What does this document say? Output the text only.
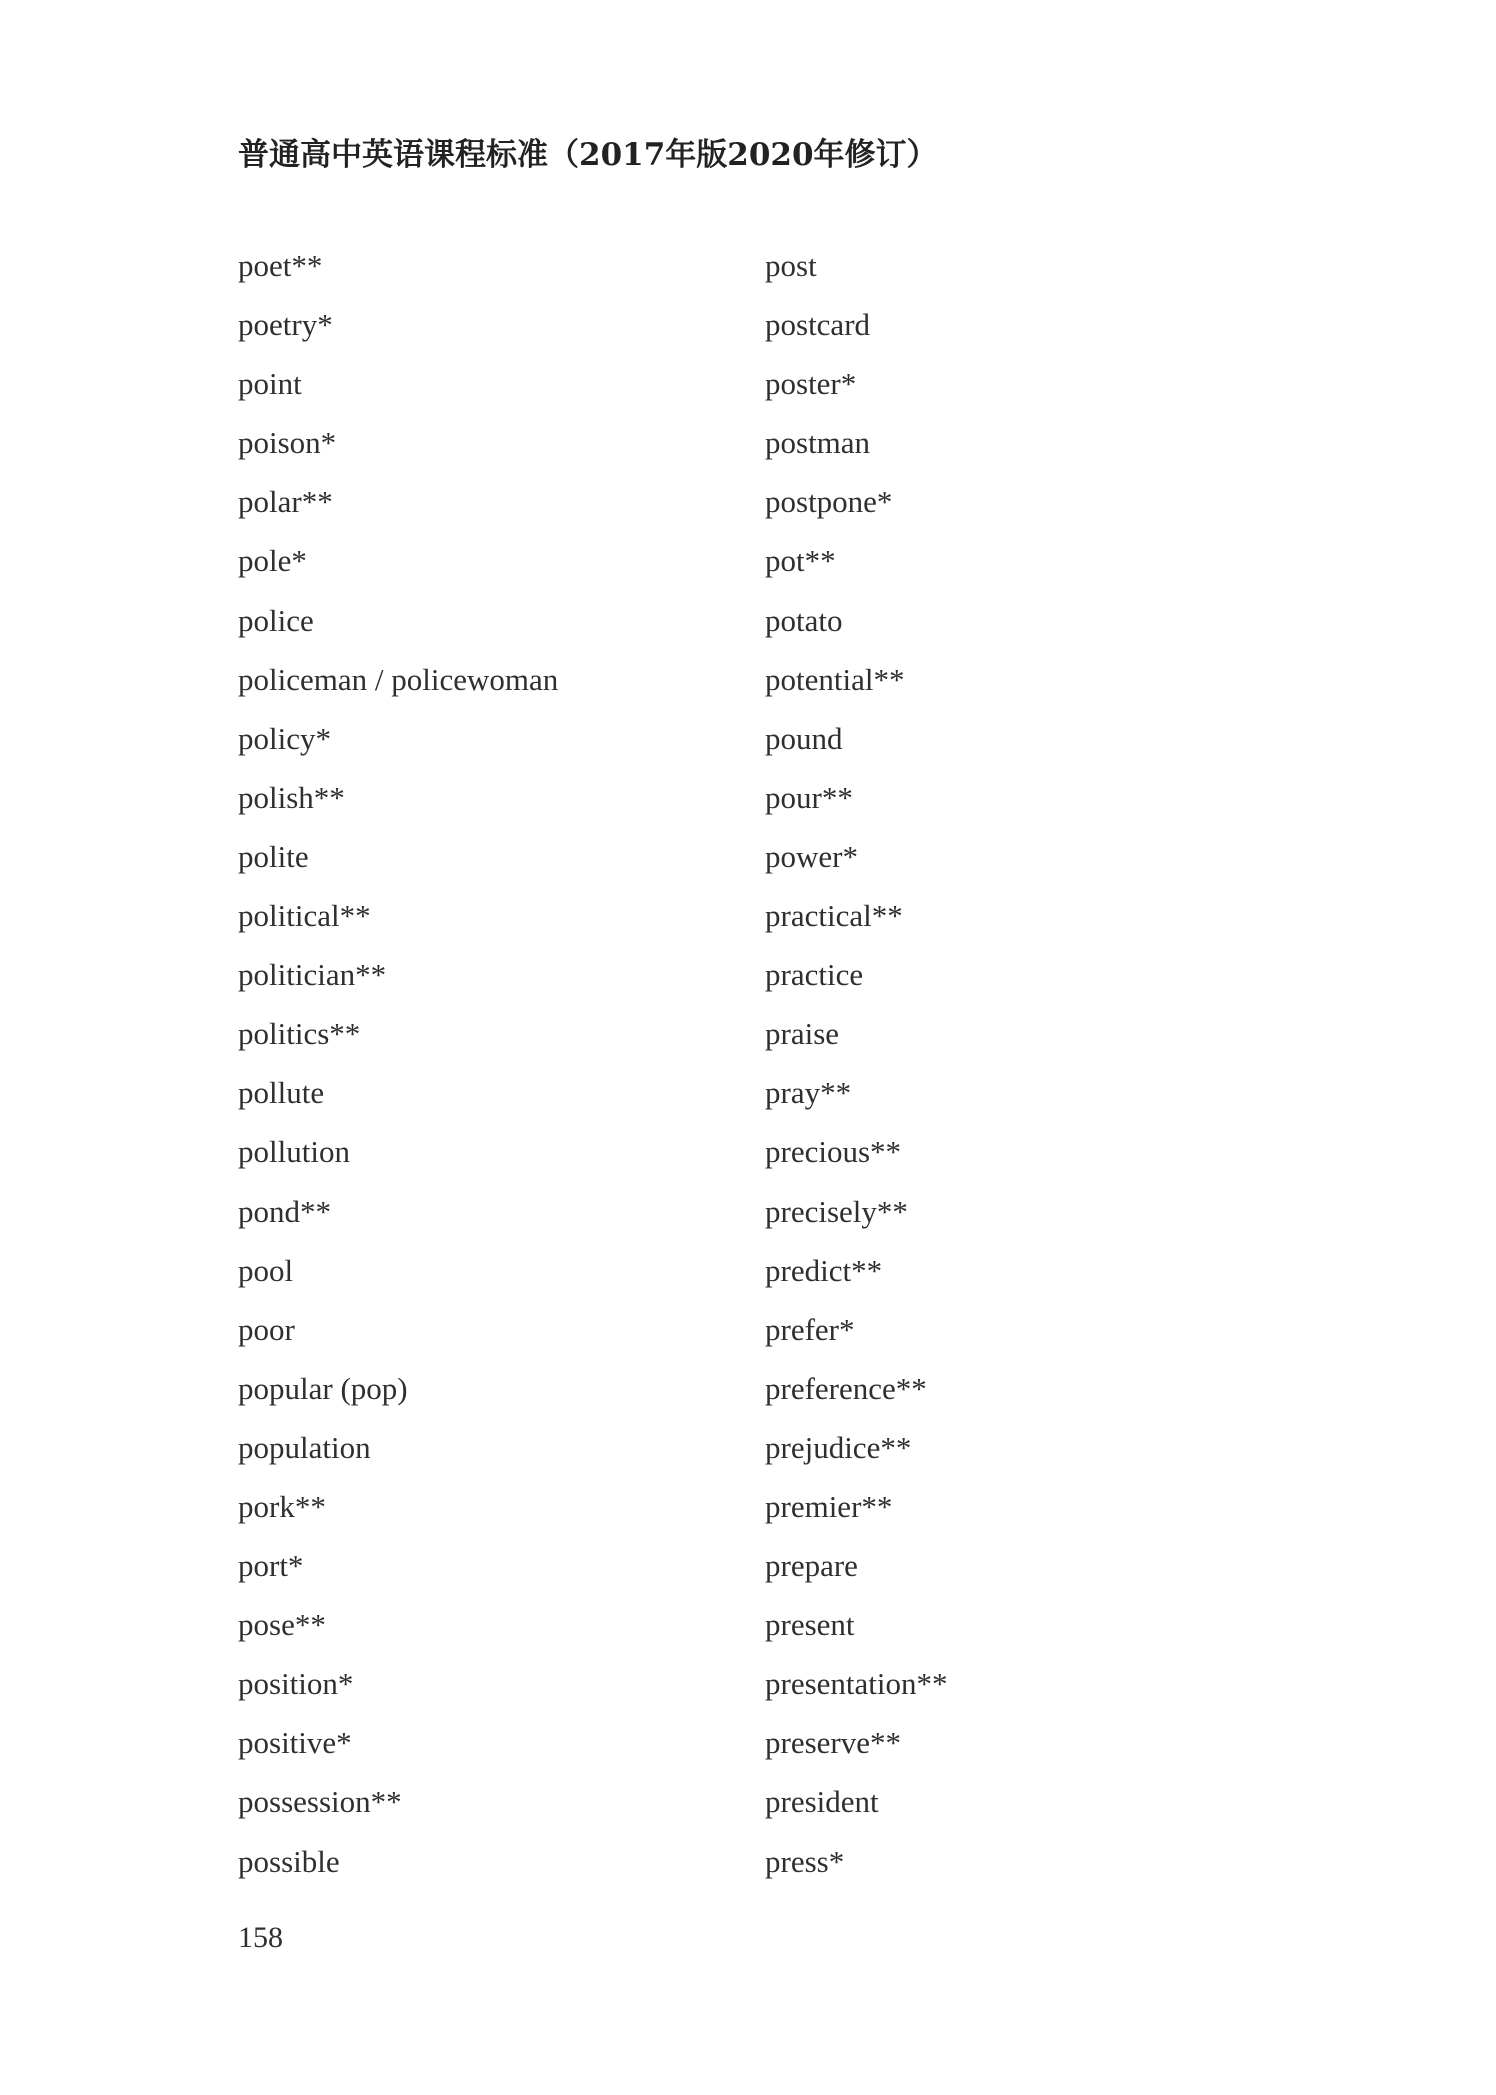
普通高中英语课程标准（2017年版2020年修订）
poet**
poetry*
point
poison*
polar**
pole*
police
policeman / policewoman
policy*
polish**
polite
political**
politician**
politics**
pollute
pollution
pond**
pool
poor
popular (pop)
population
pork**
port*
pose**
position*
positive*
possession**
possible
post
postcard
poster*
postman
postpone*
pot**
potato
potential**
pound
pour**
power*
practical**
practice
praise
pray**
precious**
precisely**
predict**
prefer*
preference**
prejudice**
premier**
prepare
present
presentation**
preserve**
president
press*
158
